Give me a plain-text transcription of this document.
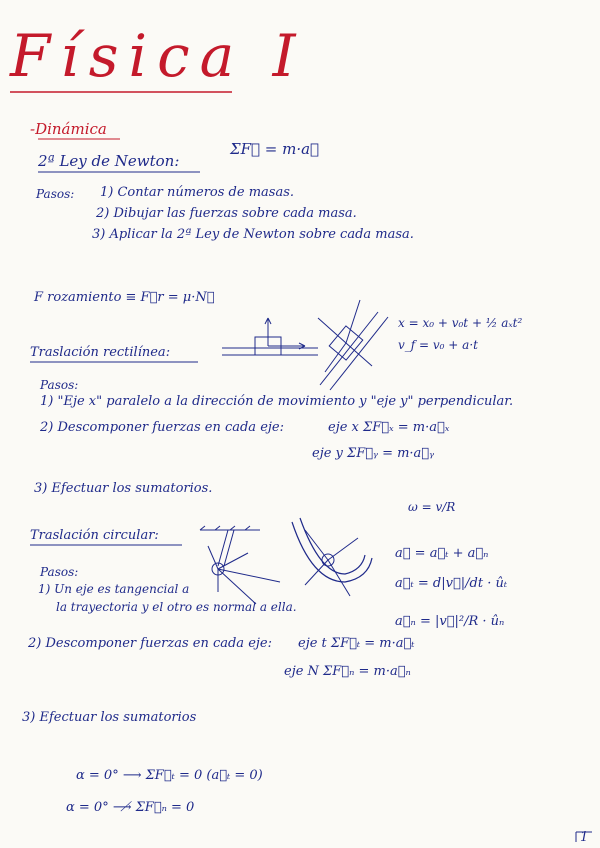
Física I
-Dinámica
2ª Ley de Newton:
ΣF⃗ = m·a⃗
Pasos: 1) Contar números de masas.
2) Dibujar las fuerzas sobre cada masa.
3) Aplicar la 2ª Ley de Newton sobre cada masa.
F rozamiento ≡ F⃗r = μ·N⃗
x = x₀ + v₀t + ½ aₓt²
v_f = v₀ + a·t
Traslación rectilínea:
Pasos:
1) "Eje x" paralelo a la dirección de movimiento y "eje y" perpendicular.
2) Descomponer fuerzas en cada eje:	eje x ΣF⃗ₓ = m·a⃗ₓ
eje y ΣF⃗ᵧ = m·a⃗ᵧ
3) Efectuar los sumatorios.
ω = v/R
Traslación circular:
Pasos:
1) Un eje es tangencial a
la trayectoria y el otro es normal a ella.
a⃗ = a⃗ₜ + a⃗ₙ
a⃗ₜ = d|v⃗|/dt · ûₜ
a⃗ₙ = |v⃗|²/R · ûₙ
2) Descomponer fuerzas en cada eje: eje t ΣF⃗ₜ = m·a⃗ₜ
eje N ΣF⃗ₙ = m·a⃗ₙ
3) Efectuar los sumatorios
α = 0° ⟶ ΣF⃗ₜ = 0 (a⃗ₜ = 0)
α = 0° ⟶̸ ΣF⃗ₙ = 0
1
